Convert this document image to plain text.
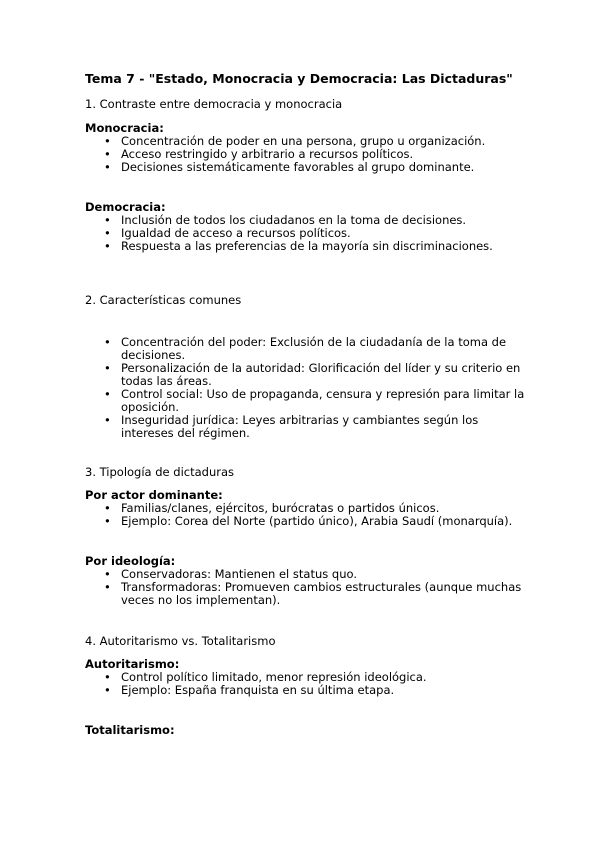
Tema 7 - "Estado, Monocracia y Democracia: Las Dictaduras"
1. Contraste entre democracia y monocracia
Monocracia:
• Concentración de poder en una persona, grupo u organización.
• Acceso restringido y arbitrario a recursos políticos.
• Decisiones sistemáticamente favorables al grupo dominante.
Democracia:
• Inclusión de todos los ciudadanos en la toma de decisiones.
• Igualdad de acceso a recursos políticos.
• Respuesta a las preferencias de la mayoría sin discriminaciones.
2. Características comunes
• Concentración del poder: Exclusión de la ciudadanía de la toma de decisiones.
• Personalización de la autoridad: Glorificación del líder y su criterio en todas las áreas.
• Control social: Uso de propaganda, censura y represión para limitar la oposición.
• Inseguridad jurídica: Leyes arbitrarias y cambiantes según los intereses del régimen.
3. Tipología de dictaduras
Por actor dominante:
• Familias/clanes, ejércitos, burócratas o partidos únicos.
• Ejemplo: Corea del Norte (partido único), Arabia Saudí (monarquía).
Por ideología:
• Conservadoras: Mantienen el status quo.
• Transformadoras: Promueven cambios estructurales (aunque muchas veces no los implementan).
4. Autoritarismo vs. Totalitarismo
Autoritarismo:
• Control político limitado, menor represión ideológica.
• Ejemplo: España franquista en su última etapa.
Totalitarismo:
